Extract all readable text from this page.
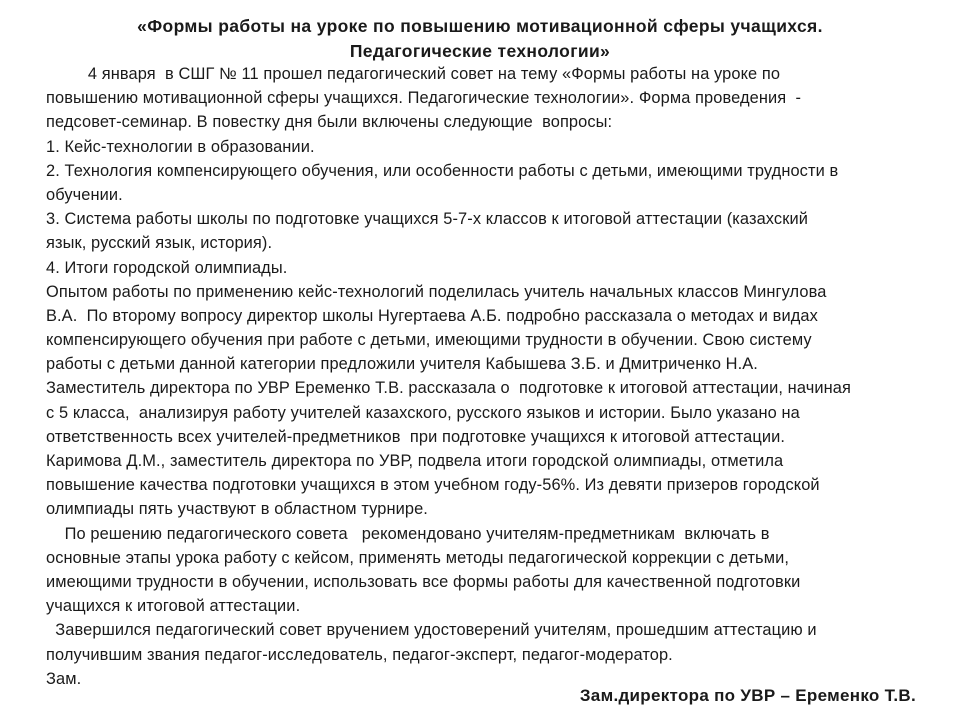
«Формы работы на уроке по повышению мотивационной сферы учащихся.
Педагогические технологии»
4 января  в СШГ № 11 прошел педагогический совет на тему «Формы работы на уроке по
повышению мотивационной сферы учащихся. Педагогические технологии». Форма проведения  -
педсовет-семинар. В повестку дня были включены следующие  вопросы:
1. Кейс-технологии в образовании.
2. Технология компенсирующего обучения, или особенности работы с детьми, имеющими трудности в
обучении.
3. Система работы школы по подготовке учащихся 5-7-х классов к итоговой аттестации (казахский
язык, русский язык, история).
4. Итоги городской олимпиады.
Опытом работы по применению кейс-технологий поделилась учитель начальных классов Мингулова
В.А.  По второму вопросу директор школы Нугертаева А.Б. подробно рассказала о методах и видах
компенсирующего обучения при работе с детьми, имеющими трудности в обучении. Свою систему
работы с детьми данной категории предложили учителя Кабышева З.Б. и Дмитриченко Н.А.
Заместитель директора по УВР Еременко Т.В. рассказала о  подготовке к итоговой аттестации, начиная
с 5 класса,  анализируя работу учителей казахского, русского языков и истории. Было указано на
ответственность всех учителей-предметников  при подготовке учащихся к итоговой аттестации.
Каримова Д.М., заместитель директора по УВР, подвела итоги городской олимпиады, отметила
повышение качества подготовки учащихся в этом учебном году-56%. Из девяти призеров городской
олимпиады пять участвуют в областном турнире.
По решению педагогического совета   рекомендовано учителям-предметникам  включать в
основные этапы урока работу с кейсом, применять методы педагогической коррекции с детьми,
имеющими трудности в обучении, использовать все формы работы для качественной подготовки
учащихся к итоговой аттестации.
Завершился педагогический совет вручением удостоверений учителям, прошедшим аттестацию и
получившим звания педагог-исследователь, педагог-эксперт, педагог-модератор.
Зам.
Зам.директора по УВР – Еременко Т.В.
